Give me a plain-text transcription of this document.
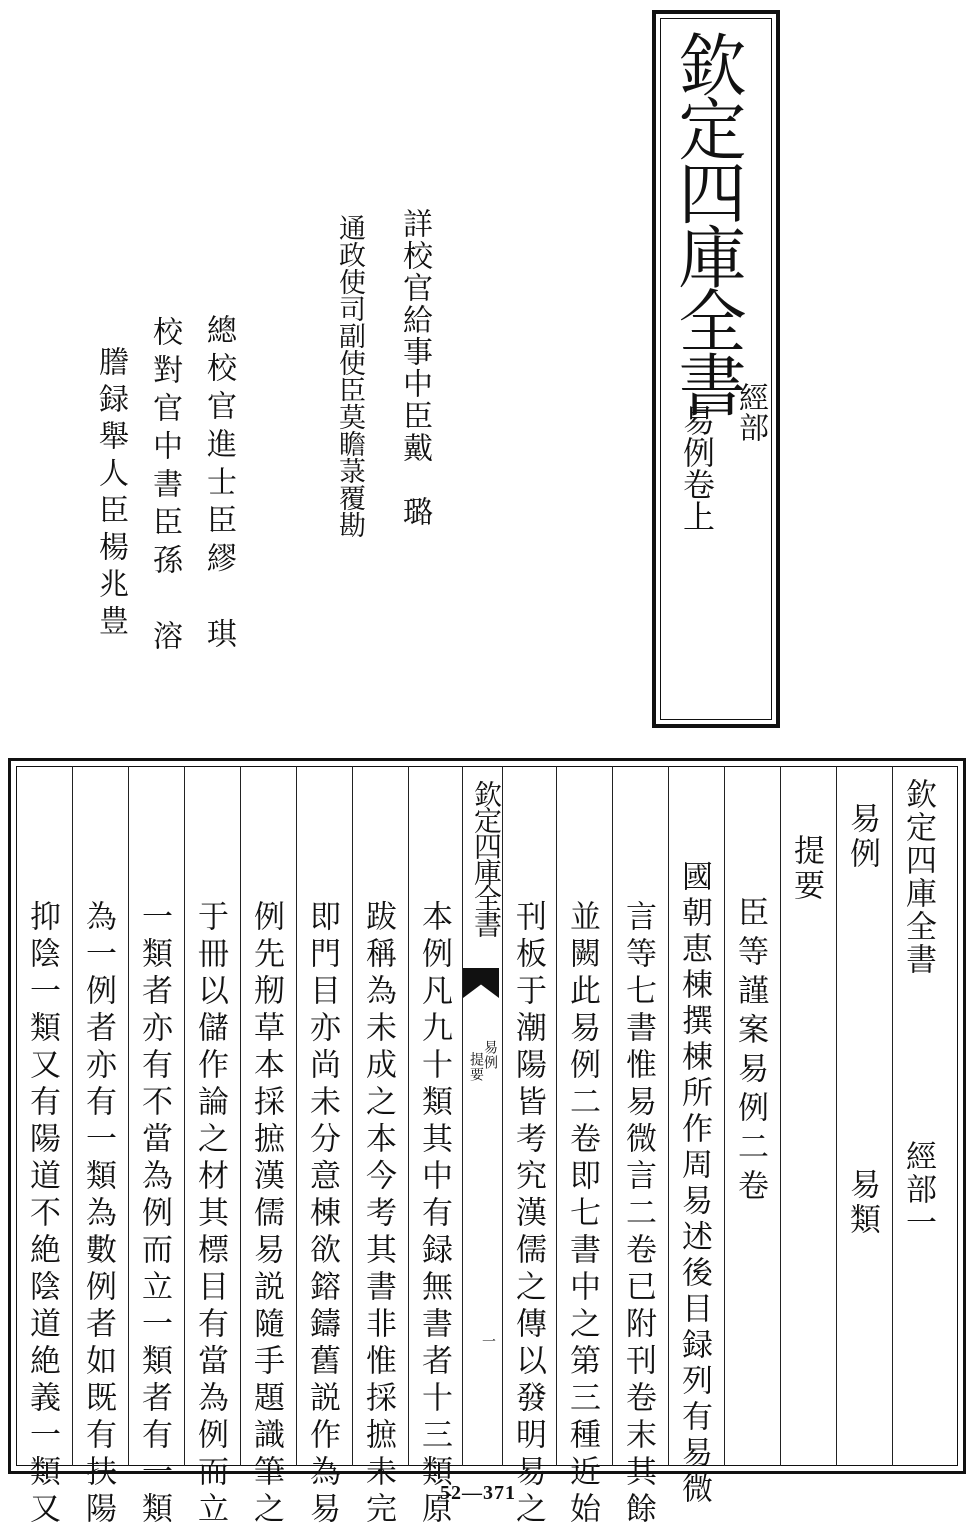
欽定四庫全書
經部
易例卷上
詳校官給事中臣戴　璐
通政使司副使臣莫瞻菉覆勘
總校官進士臣繆　琪
校對官中書臣孫　溶
謄録舉人臣楊兆豊
欽定四庫全書
經部一
易例
易類
提要
臣等謹案易例二卷
國朝恵棟撰棟所作周易述後目録列有易微
言等七書惟易微言二卷已附刊卷末其餘
並闕此易例二卷即七書中之第三種近始
刊板于潮陽皆考究漢儒之傳以發明易之
欽定四庫全書
易例
提要
一
本例凡九十類其中有録無書者十三類原
跋稱為未成之本今考其書非惟採摭未完
即門目亦尚未分意棟欲鎔鑄舊説作為易
例先剏草本採摭漢儒易説隨手題識筆之
于冊以儲作論之材其標目有當為例而立
一類者亦有不當為例而立一類者有一類
為一例者亦有一類為數例者如既有扶陽
抑陰一類又有陽道不絶陰道絶義一類又	52—371
